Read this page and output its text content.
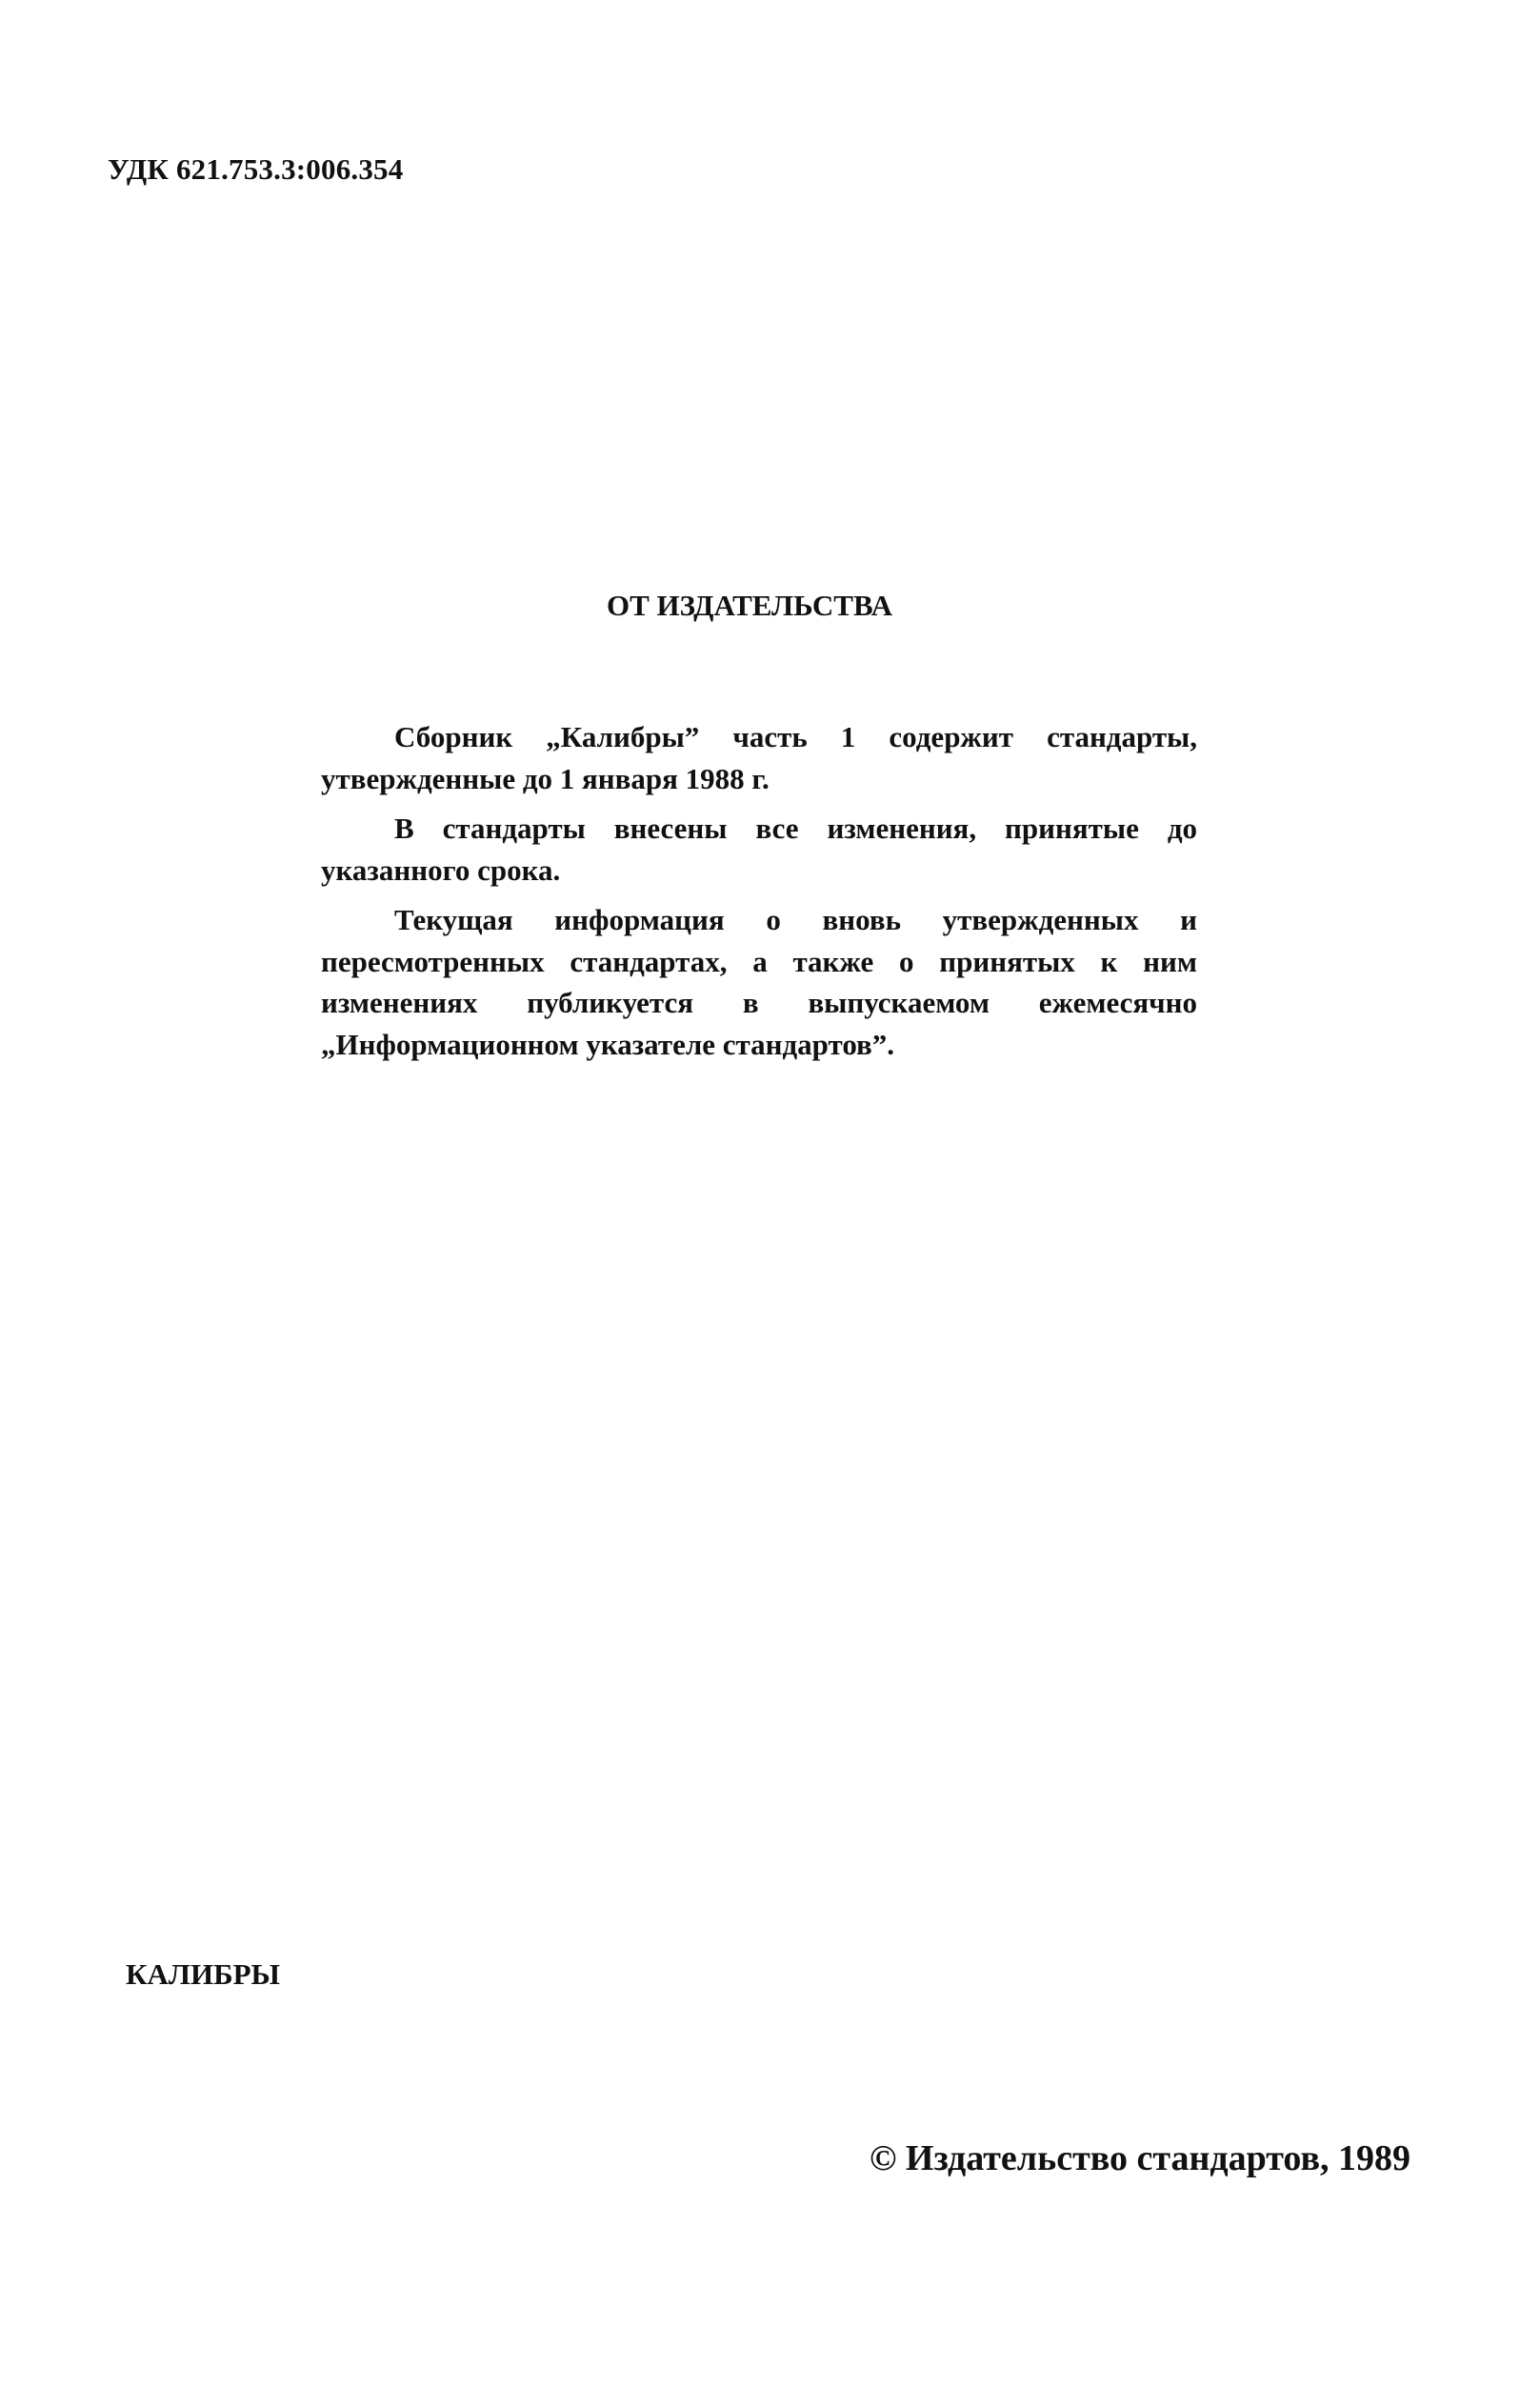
УДК 621.753.3:006.354
ОТ ИЗДАТЕЛЬСТВА

Сборник „Калибры” часть 1 содержит стандарты, утвержденные до 1 января 1988 г.

В стандарты внесены все изменения, принятые до указанного срока.

Текущая информация о вновь утвержденных и пересмотренных стандартах, а также о принятых к ним изменениях публикуется в выпускаемом ежемесячно „Информационном указателе стандартов”.

КАЛИБРЫ
© Издательство стандартов, 1989
